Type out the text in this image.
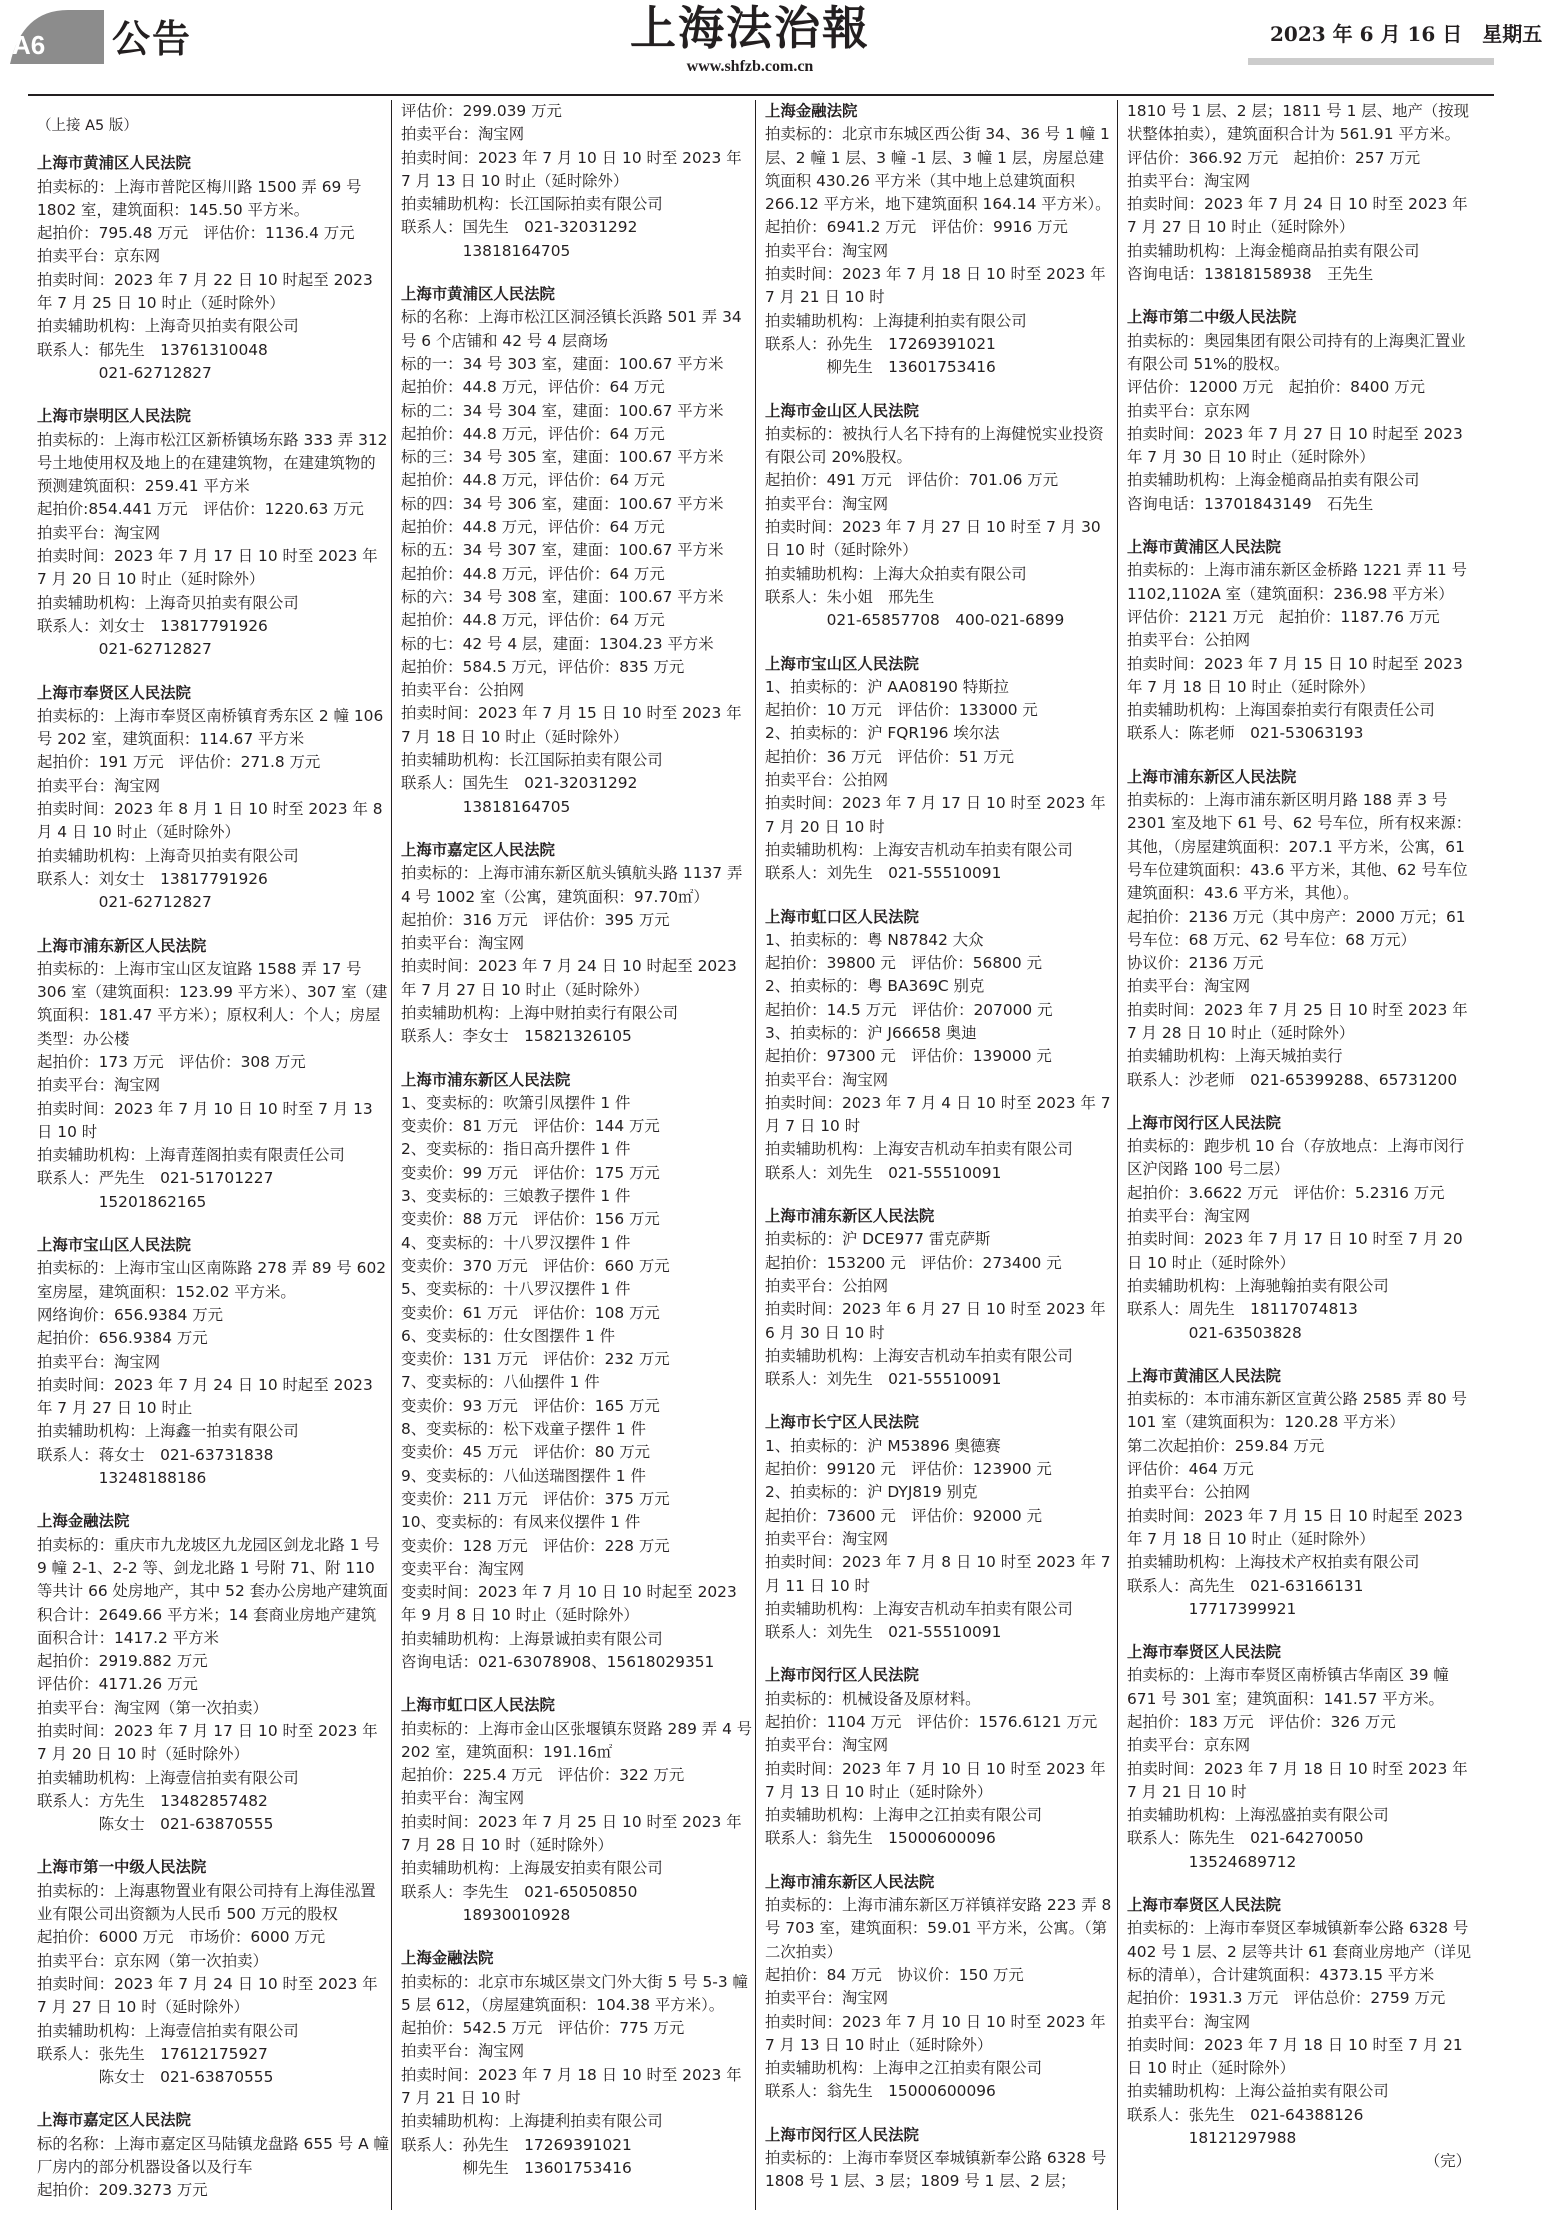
A6 公告	上海法治報
www.shfzb.com.cn
2023 年 6 月 16 日　星期五

（上接 A5 版）

上海市黄浦区人民法院

拍卖标的：上海市普陀区梅川路 1500 弄 69 号 1802 室，建筑面积：145.50 平方米。

起拍价：795.48 万元　评估价：1136.4 万元

拍卖平台：京东网

拍卖时间：2023 年 7 月 22 日 10 时起至 2023 年 7 月 25 日 10 时止（延时除外）

拍卖辅助机构：上海奇贝拍卖有限公司

联系人：郁先生　13761310048

　　　　021-62712827

上海市崇明区人民法院

拍卖标的：上海市松江区新桥镇场东路 333 弄 312 号土地使用权及地上的在建建筑物，在建建筑物的预测建筑面积：259.41 平方米

起拍价:854.441 万元　评估价：1220.63 万元

拍卖平台：淘宝网

拍卖时间：2023 年 7 月 17 日 10 时至 2023 年 7 月 20 日 10 时止（延时除外）

拍卖辅助机构：上海奇贝拍卖有限公司

联系人：刘女士　13817791926

　　　　021-62712827

上海市奉贤区人民法院

拍卖标的：上海市奉贤区南桥镇育秀东区 2 幢 106 号 202 室，建筑面积：114.67 平方米

起拍价：191 万元　评估价：271.8 万元

拍卖平台：淘宝网

拍卖时间：2023 年 8 月 1 日 10 时至 2023 年 8 月 4 日 10 时止（延时除外）

拍卖辅助机构：上海奇贝拍卖有限公司

联系人：刘女士　13817791926

　　　　021-62712827

上海市浦东新区人民法院

拍卖标的：上海市宝山区友谊路 1588 弄 17 号 306 室（建筑面积：123.99 平方米）、307 室（建筑面积：181.47 平方米）；原权利人：个人；房屋类型：办公楼

起拍价：173 万元　评估价：308 万元

拍卖平台：淘宝网

拍卖时间：2023 年 7 月 10 日 10 时至 7 月 13 日 10 时

拍卖辅助机构：上海青莲阁拍卖有限责任公司

联系人：严先生　021-51701227

　　　　15201862165

上海市宝山区人民法院

拍卖标的：上海市宝山区南陈路 278 弄 89 号 602 室房屋，建筑面积：152.02 平方米。

网络询价：656.9384 万元

起拍价：656.9384 万元

拍卖平台：淘宝网

拍卖时间：2023 年 7 月 24 日 10 时起至 2023 年 7 月 27 日 10 时止

拍卖辅助机构：上海鑫一拍卖有限公司

联系人：蒋女士　021-63731838

　　　　13248188186

上海金融法院

拍卖标的：重庆市九龙坡区九龙园区剑龙北路 1 号 9 幢 2-1、2-2 等、剑龙北路 1 号附 71、附 110 等共计 66 处房地产，其中 52 套办公房地产建筑面积合计：2649.66 平方米；14 套商业房地产建筑面积合计：1417.2 平方米

起拍价：2919.882 万元

评估价：4171.26 万元

拍卖平台：淘宝网（第一次拍卖）

拍卖时间：2023 年 7 月 17 日 10 时至 2023 年 7 月 20 日 10 时（延时除外）

拍卖辅助机构：上海壹信拍卖有限公司

联系人：方先生　13482857482

　　　　陈女士　021-63870555

上海市第一中级人民法院

拍卖标的：上海惠物置业有限公司持有上海佳泓置业有限公司出资额为人民币 500 万元的股权

起拍价：6000 万元　市场价：6000 万元

拍卖平台：京东网（第一次拍卖）

拍卖时间：2023 年 7 月 24 日 10 时至 2023 年 7 月 27 日 10 时（延时除外）

拍卖辅助机构：上海壹信拍卖有限公司

联系人：张先生　17612175927

　　　　陈女士　021-63870555

上海市嘉定区人民法院

标的名称：上海市嘉定区马陆镇龙盘路 655 号 A 幢厂房内的部分机器设备以及行车

起拍价：209.3273 万元

评估价：299.039 万元

拍卖平台：淘宝网

拍卖时间：2023 年 7 月 10 日 10 时至 2023 年 7 月 13 日 10 时止（延时除外）

拍卖辅助机构：长江国际拍卖有限公司

联系人：国先生　021-32031292

　　　　13818164705

上海市黄浦区人民法院

标的名称：上海市松江区洞泾镇长浜路 501 弄 34 号 6 个店铺和 42 号 4 层商场

标的一：34 号 303 室，建面：100.67 平方米

起拍价：44.8 万元，评估价：64 万元

标的二：34 号 304 室，建面：100.67 平方米

起拍价：44.8 万元，评估价：64 万元

标的三：34 号 305 室，建面：100.67 平方米

起拍价：44.8 万元，评估价：64 万元

标的四：34 号 306 室，建面：100.67 平方米

起拍价：44.8 万元，评估价：64 万元

标的五：34 号 307 室，建面：100.67 平方米

起拍价：44.8 万元，评估价：64 万元

标的六：34 号 308 室，建面：100.67 平方米

起拍价：44.8 万元，评估价：64 万元

标的七：42 号 4 层，建面：1304.23 平方米

起拍价：584.5 万元，评估价：835 万元

拍卖平台：公拍网

拍卖时间：2023 年 7 月 15 日 10 时至 2023 年 7 月 18 日 10 时止（延时除外）

拍卖辅助机构：长江国际拍卖有限公司

联系人：国先生　021-32031292

　　　　13818164705

上海市嘉定区人民法院

拍卖标的：上海市浦东新区航头镇航头路 1137 弄 4 号 1002 室（公寓，建筑面积：97.70㎡）

起拍价：316 万元　评估价：395 万元

拍卖平台：淘宝网

拍卖时间：2023 年 7 月 24 日 10 时起至 2023 年 7 月 27 日 10 时止（延时除外）

拍卖辅助机构：上海中财拍卖行有限公司

联系人：李女士　15821326105

上海市浦东新区人民法院

1、变卖标的：吹箫引凤摆件 1 件

变卖价：81 万元　评估价：144 万元

2、变卖标的：指日高升摆件 1 件

变卖价：99 万元　评估价：175 万元

3、变卖标的：三娘教子摆件 1 件

变卖价：88 万元　评估价：156 万元

4、变卖标的：十八罗汉摆件 1 件

变卖价：370 万元　评估价：660 万元

5、变卖标的：十八罗汉摆件 1 件

变卖价：61 万元　评估价：108 万元

6、变卖标的：仕女图摆件 1 件

变卖价：131 万元　评估价：232 万元

7、变卖标的：八仙摆件 1 件

变卖价：93 万元　评估价：165 万元

8、变卖标的：松下戏童子摆件 1 件

变卖价：45 万元　评估价：80 万元

9、变卖标的：八仙送瑞图摆件 1 件

变卖价：211 万元　评估价：375 万元

10、变卖标的：有凤来仪摆件 1 件

变卖价：128 万元　评估价：228 万元

变卖平台：淘宝网

变卖时间：2023 年 7 月 10 日 10 时起至 2023 年 9 月 8 日 10 时止（延时除外）

拍卖辅助机构：上海景诚拍卖有限公司

咨询电话：021-63078908、15618029351

上海市虹口区人民法院

拍卖标的：上海市金山区张堰镇东贤路 289 弄 4 号 202 室，建筑面积：191.16㎡

起拍价：225.4 万元　评估价：322 万元

拍卖平台：淘宝网

拍卖时间：2023 年 7 月 25 日 10 时至 2023 年 7 月 28 日 10 时（延时除外）

拍卖辅助机构：上海晟安拍卖有限公司

联系人：李先生　021-65050850

　　　　18930010928

上海金融法院

拍卖标的：北京市东城区崇文门外大街 5 号 5-3 幢 5 层 612，（房屋建筑面积：104.38 平方米）。

起拍价：542.5 万元　评估价：775 万元

拍卖平台：淘宝网

拍卖时间：2023 年 7 月 18 日 10 时至 2023 年 7 月 21 日 10 时

拍卖辅助机构：上海捷利拍卖有限公司

联系人：孙先生　17269391021

　　　　柳先生　13601753416

上海金融法院

拍卖标的：北京市东城区西公街 34、36 号 1 幢 1 层、2 幢 1 层、3 幢 -1 层、3 幢 1 层，房屋总建筑面积 430.26 平方米（其中地上总建筑面积 266.12 平方米，地下建筑面积 164.14 平方米）。

起拍价：6941.2 万元　评估价：9916 万元

拍卖平台：淘宝网

拍卖时间：2023 年 7 月 18 日 10 时至 2023 年 7 月 21 日 10 时

拍卖辅助机构：上海捷利拍卖有限公司

联系人：孙先生　17269391021

　　　　柳先生　13601753416

上海市金山区人民法院

拍卖标的：被执行人名下持有的上海健悦实业投资有限公司 20%股权。

起拍价：491 万元　评估价：701.06 万元

拍卖平台：淘宝网

拍卖时间：2023 年 7 月 27 日 10 时至 7 月 30 日 10 时（延时除外）

拍卖辅助机构：上海大众拍卖有限公司

联系人：朱小姐　邢先生

　　　　021-65857708　400-021-6899

上海市宝山区人民法院

1、拍卖标的：沪 AA08190 特斯拉

起拍价：10 万元　评估价：133000 元

2、拍卖标的：沪 FQR196 埃尔法

起拍价：36 万元　评估价：51 万元

拍卖平台：公拍网

拍卖时间：2023 年 7 月 17 日 10 时至 2023 年 7 月 20 日 10 时

拍卖辅助机构：上海安吉机动车拍卖有限公司

联系人：刘先生　021-55510091

上海市虹口区人民法院

1、拍卖标的：粤 N87842 大众

起拍价：39800 元　评估价：56800 元

2、拍卖标的：粤 BA369C 别克

起拍价：14.5 万元　评估价：207000 元

3、拍卖标的：沪 J66658 奥迪

起拍价：97300 元　评估价：139000 元

拍卖平台：淘宝网

拍卖时间：2023 年 7 月 4 日 10 时至 2023 年 7 月 7 日 10 时

拍卖辅助机构：上海安吉机动车拍卖有限公司

联系人：刘先生　021-55510091

上海市浦东新区人民法院

拍卖标的：沪 DCE977 雷克萨斯

起拍价：153200 元　评估价：273400 元

拍卖平台：公拍网

拍卖时间：2023 年 6 月 27 日 10 时至 2023 年 6 月 30 日 10 时

拍卖辅助机构：上海安吉机动车拍卖有限公司

联系人：刘先生　021-55510091

上海市长宁区人民法院

1、拍卖标的：沪 M53896 奥德赛

起拍价：99120 元　评估价：123900 元

2、拍卖标的：沪 DYJ819 别克

起拍价：73600 元　评估价：92000 元

拍卖平台：淘宝网

拍卖时间：2023 年 7 月 8 日 10 时至 2023 年 7 月 11 日 10 时

拍卖辅助机构：上海安吉机动车拍卖有限公司

联系人：刘先生　021-55510091

上海市闵行区人民法院

拍卖标的：机械设备及原材料。

起拍价：1104 万元　评估价：1576.6121 万元

拍卖平台：淘宝网

拍卖时间：2023 年 7 月 10 日 10 时至 2023 年 7 月 13 日 10 时止（延时除外）

拍卖辅助机构：上海申之江拍卖有限公司

联系人：翁先生　15000600096

上海市浦东新区人民法院

拍卖标的：上海市浦东新区万祥镇祥安路 223 弄 8 号 703 室，建筑面积：59.01 平方米，公寓。（第二次拍卖）

起拍价：84 万元　协议价：150 万元

拍卖平台：淘宝网

拍卖时间：2023 年 7 月 10 日 10 时至 2023 年 7 月 13 日 10 时止（延时除外）

拍卖辅助机构：上海申之江拍卖有限公司

联系人：翁先生　15000600096

上海市闵行区人民法院

拍卖标的：上海市奉贤区奉城镇新奉公路 6328 号 1808 号 1 层、3 层；1809 号 1 层、2 层；

1810 号 1 层、2 层；1811 号 1 层、地产（按现状整体拍卖），建筑面积合计为 561.91 平方米。

评估价：366.92 万元　起拍价：257 万元

拍卖平台：淘宝网

拍卖时间：2023 年 7 月 24 日 10 时至 2023 年 7 月 27 日 10 时止（延时除外）

拍卖辅助机构：上海金槌商品拍卖有限公司

咨询电话：13818158938　王先生

上海市第二中级人民法院

拍卖标的：奥园集团有限公司持有的上海奥汇置业有限公司 51%的股权。

评估价：12000 万元　起拍价：8400 万元

拍卖平台：京东网

拍卖时间：2023 年 7 月 27 日 10 时起至 2023 年 7 月 30 日 10 时止（延时除外）

拍卖辅助机构：上海金槌商品拍卖有限公司

咨询电话：13701843149　石先生

上海市黄浦区人民法院

拍卖标的：上海市浦东新区金桥路 1221 弄 11 号 1102,1102A 室（建筑面积：236.98 平方米）

评估价：2121 万元　起拍价：1187.76 万元

拍卖平台：公拍网

拍卖时间：2023 年 7 月 15 日 10 时起至 2023 年 7 月 18 日 10 时止（延时除外）

拍卖辅助机构：上海国泰拍卖行有限责任公司

联系人：陈老师　021-53063193

上海市浦东新区人民法院

拍卖标的：上海市浦东新区明月路 188 弄 3 号 2301 室及地下 61 号、62 号车位，所有权来源：其他，（房屋建筑面积：207.1 平方米，公寓，61 号车位建筑面积：43.6 平方米，其他、62 号车位建筑面积：43.6 平方米，其他）。

起拍价：2136 万元（其中房产：2000 万元；61 号车位：68 万元、62 号车位：68 万元）

协议价：2136 万元

拍卖平台：淘宝网

拍卖时间：2023 年 7 月 25 日 10 时至 2023 年 7 月 28 日 10 时止（延时除外）

拍卖辅助机构：上海天城拍卖行

联系人：沙老师　021-65399288、65731200

上海市闵行区人民法院

拍卖标的：跑步机 10 台（存放地点：上海市闵行区沪闵路 100 号二层）

起拍价：3.6622 万元　评估价：5.2316 万元

拍卖平台：淘宝网

拍卖时间：2023 年 7 月 17 日 10 时至 7 月 20 日 10 时止（延时除外）

拍卖辅助机构：上海驰翰拍卖有限公司

联系人：周先生　18117074813

　　　　021-63503828

上海市黄浦区人民法院

拍卖标的：本市浦东新区宣黄公路 2585 弄 80 号 101 室（建筑面积为：120.28 平方米）

第二次起拍价：259.84 万元

评估价：464 万元

拍卖平台：公拍网

拍卖时间：2023 年 7 月 15 日 10 时起至 2023 年 7 月 18 日 10 时止（延时除外）

拍卖辅助机构：上海技术产权拍卖有限公司

联系人：高先生　021-63166131

　　　　17717399921

上海市奉贤区人民法院

拍卖标的：上海市奉贤区南桥镇古华南区 39 幢 671 号 301 室；建筑面积：141.57 平方米。

起拍价：183 万元　评估价：326 万元

拍卖平台：京东网

拍卖时间：2023 年 7 月 18 日 10 时至 2023 年 7 月 21 日 10 时

拍卖辅助机构：上海泓盛拍卖有限公司

联系人：陈先生　021-64270050

　　　　13524689712

上海市奉贤区人民法院

拍卖标的：上海市奉贤区奉城镇新奉公路 6328 号 402 号 1 层、2 层等共计 61 套商业房地产（详见标的清单），合计建筑面积：4373.15 平方米

起拍价：1931.3 万元　评估总价：2759 万元

拍卖平台：淘宝网

拍卖时间：2023 年 7 月 18 日 10 时至 7 月 21 日 10 时止（延时除外）

拍卖辅助机构：上海公益拍卖有限公司

联系人：张先生　021-64388126

　　　　18121297988

（完）
